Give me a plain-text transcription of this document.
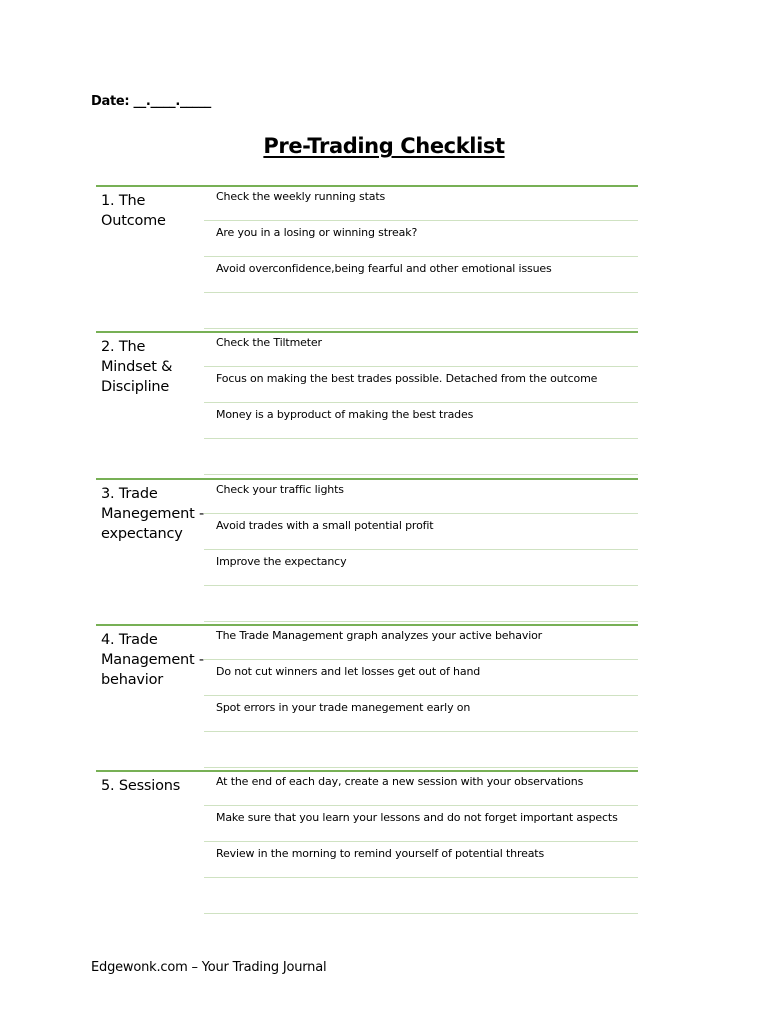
Date: __.____._____
Pre-Trading Checklist
1. The Outcome
Check the weekly running stats
Are you in a losing or winning streak?
Avoid overconfidence,being fearful and other emotional issues
2. The Mindset & Discipline
Check the Tiltmeter
Focus on making the best trades possible. Detached from the outcome
Money is a byproduct of making the best trades
3. Trade Manegement - expectancy
Check your traffic lights
Avoid trades with a small potential profit
Improve the expectancy
4. Trade Management - behavior
The Trade Management graph analyzes your active behavior
Do not cut winners and let losses get out of hand
Spot errors in your trade manegement early on
5. Sessions	At the end of each day, create a new session with your observations
Make sure that you learn your lessons and do not forget important aspects
Review in the morning to remind yourself of potential threats
Edgewonk.com – Your Trading Journal
